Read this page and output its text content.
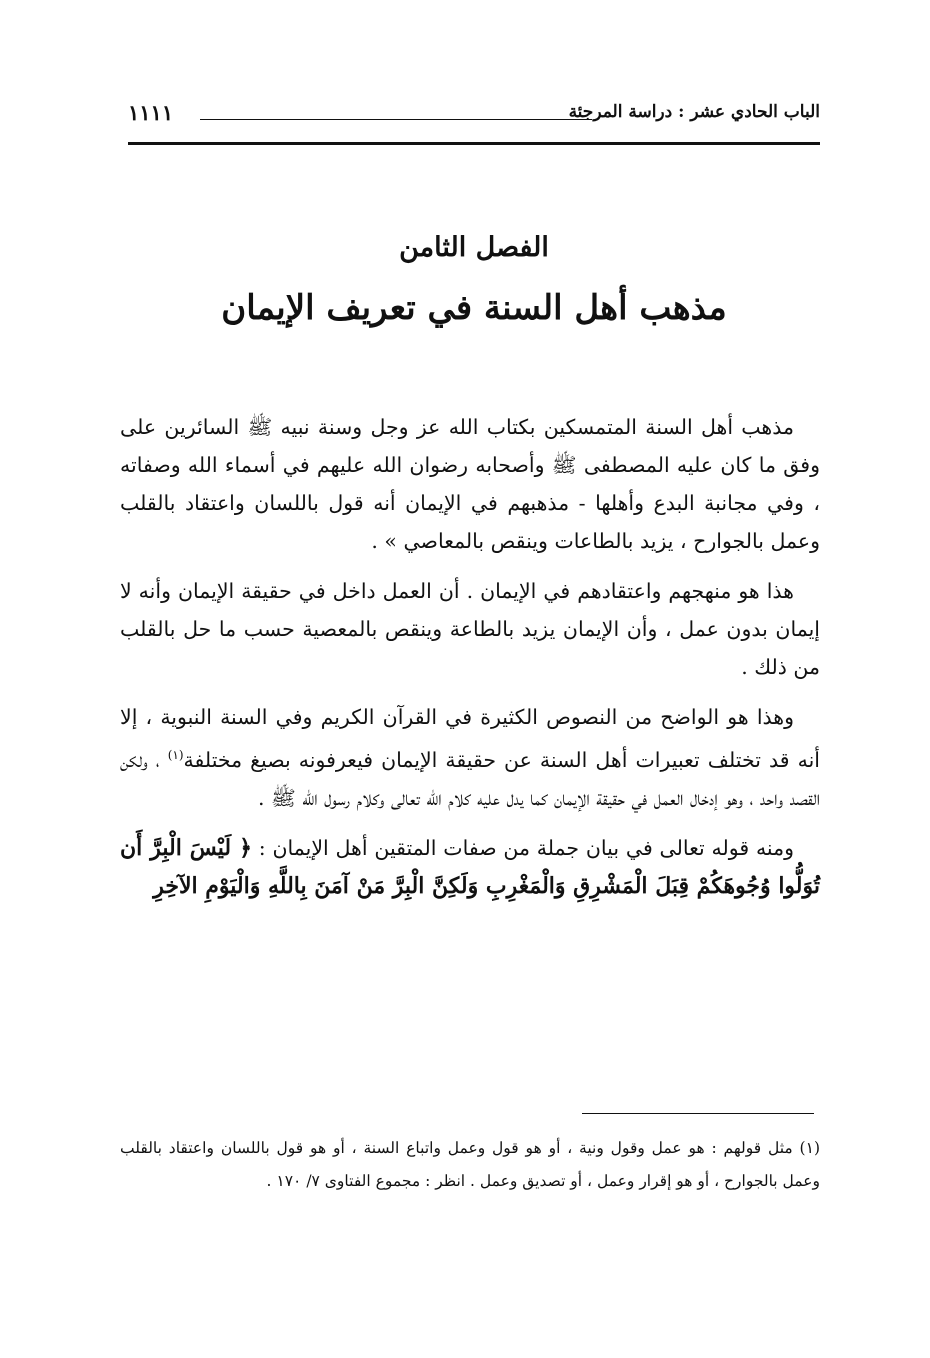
الباب الحادي عشر : دراسة المرجئة
١١١١
الفصل الثامن
مذهب أهل السنة في تعريف الإيمان

مذهب أهل السنة المتمسكين بكتاب الله عز وجل وسنة نبيه ﷺ السائرين على وفق ما كان عليه المصطفى ﷺ وأصحابه رضوان الله عليهم في أسماء الله وصفاته ، وفي مجانبة البدع وأهلها - مذهبهم في الإيمان أنه قول باللسان واعتقاد بالقلب وعمل بالجوارح ، يزيد بالطاعات وينقص بالمعاصي » .

هذا هو منهجهم واعتقادهم في الإيمان . أن العمل داخل في حقيقة الإيمان وأنه لا إيمان بدون عمل ، وأن الإيمان يزيد بالطاعة وينقص بالمعصية حسب ما حل بالقلب من ذلك .

وهذا هو الواضح من النصوص الكثيرة في القرآن الكريم وفي السنة النبوية ، إلا أنه قد تختلف تعبيرات أهل السنة عن حقيقة الإيمان فيعرفونه بصيغ مختلفة$^{(١)}$ ، ولكن القصد واحد ، وهو إدخال العمل في حقيقة الإيمان كما يدل عليه كلام الله تعالى وكلام رسول الله ﷺ .

ومنه قوله تعالى في بيان جملة من صفات المتقين أهل الإيمان : ﴿ لَيْسَ الْبِرَّ أَن تُوَلُّوا وُجُوهَكُمْ قِبَلَ الْمَشْرِقِ وَالْمَغْرِبِ وَلَكِنَّ الْبِرَّ مَنْ آمَنَ بِاللَّهِ وَالْيَوْمِ الآخِرِ

(١) مثل قولهم : هو عمل وقول ونية ، أو هو قول وعمل واتباع السنة ، أو هو قول باللسان واعتقاد بالقلب وعمل بالجوارح ، أو هو إقرار وعمل ، أو تصديق وعمل . انظر : مجموع الفتاوى ٧/ ١٧٠ .
